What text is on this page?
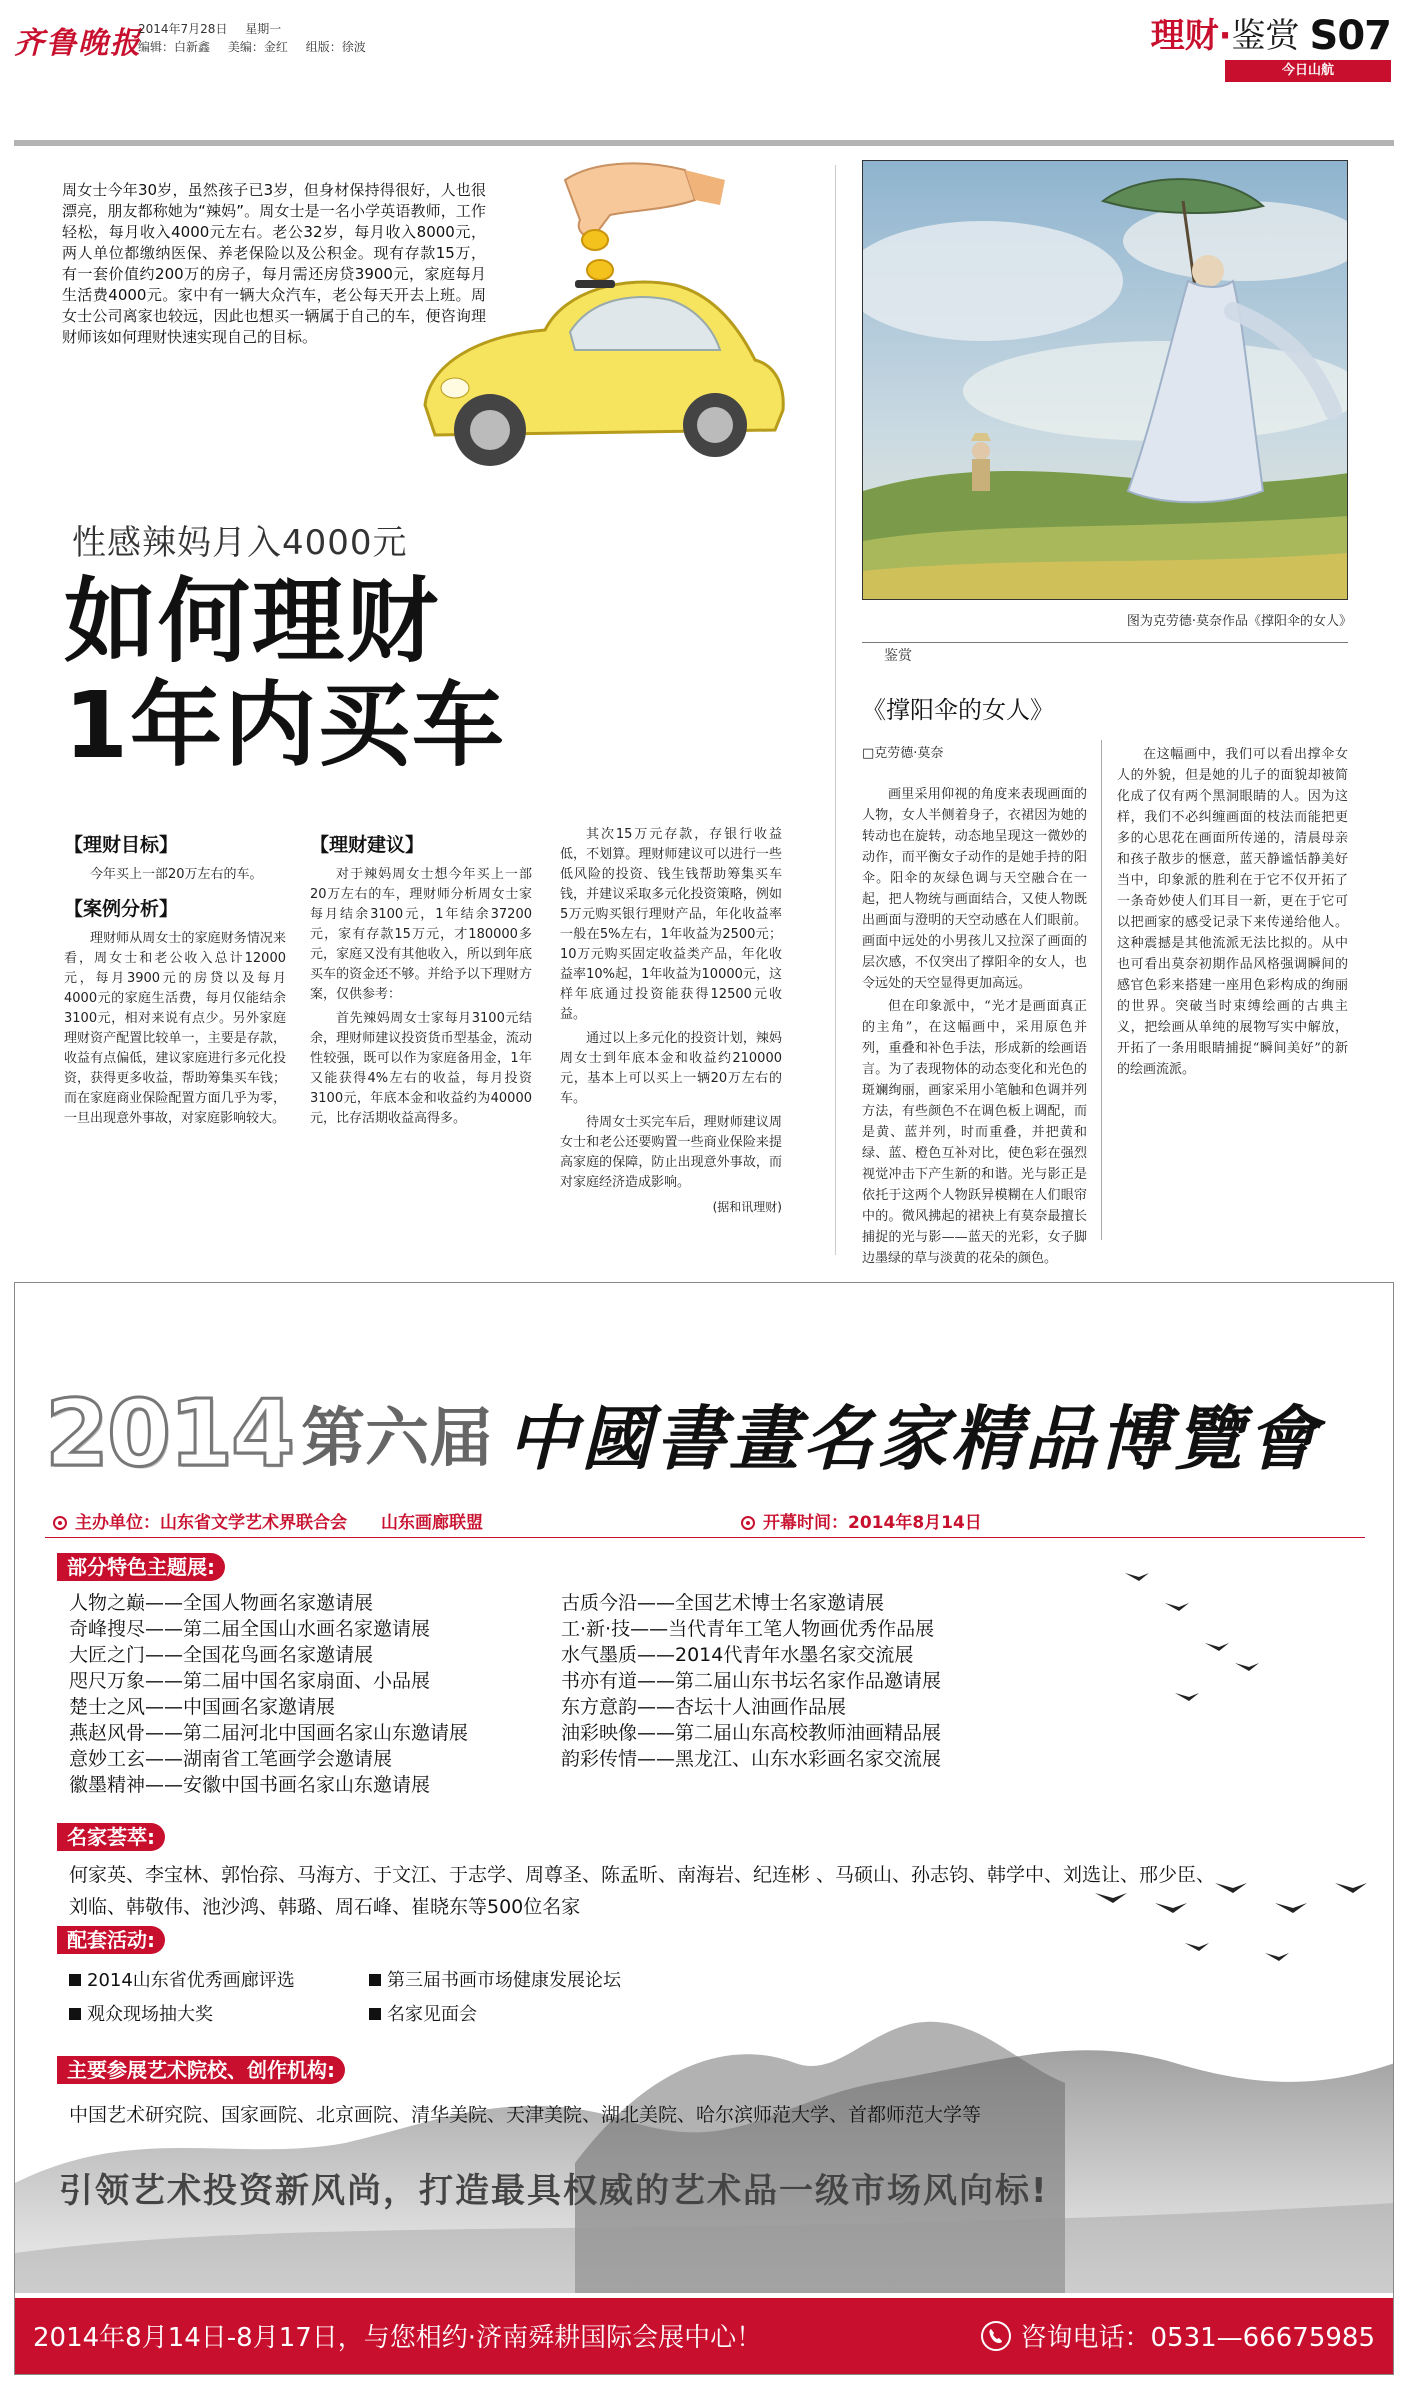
齐鲁晚报
2014年7月28日 星期一
编辑：白新鑫 美编：金红 组版：徐波	理财·鉴赏 S07
今日山航
周女士今年30岁，虽然孩子已3岁，但身材保持得很好，人也很漂亮，朋友都称她为“辣妈”。周女士是一名小学英语教师，工作轻松，每月收入4000元左右。老公32岁，每月收入8000元，两人单位都缴纳医保、养老保险以及公积金。现有存款15万，有一套价值约200万的房子，每月需还房贷3900元，家庭每月生活费4000元。家中有一辆大众汽车，老公每天开去上班。周女士公司离家也较远，因此也想买一辆属于自己的车，便咨询理财师该如何理财快速实现自己的目标。
性感辣妈月入4000元
如何理财
1年内买车
【理财目标】

今年买上一部20万左右的车。

【案例分析】

理财师从周女士的家庭财务情况来看，周女士和老公收入总计12000元，每月3900元的房贷以及每月4000元的家庭生活费，每月仅能结余3100元，相对来说有点少。另外家庭理财资产配置比较单一，主要是存款，收益有点偏低，建议家庭进行多元化投资，获得更多收益，帮助筹集买车钱；而在家庭商业保险配置方面几乎为零，一旦出现意外事故，对家庭影响较大。

【理财建议】

对于辣妈周女士想今年买上一部20万左右的车，理财师分析周女士家每月结余3100元，1年结余37200元，家有存款15万元，才180000多元，家庭又没有其他收入，所以到年底买车的资金还不够。并给予以下理财方案，仅供参考：

首先辣妈周女士家每月3100元结余，理财师建议投资货币型基金，流动性较强，既可以作为家庭备用金，1年又能获得4%左右的收益，每月投资3100元，年底本金和收益约为40000元，比存活期收益高得多。

其次15万元存款，存银行收益低，不划算。理财师建议可以进行一些低风险的投资、钱生钱帮助筹集买车钱，并建议采取多元化投资策略，例如5万元购买银行理财产品，年化收益率一般在5%左右，1年收益为2500元；10万元购买固定收益类产品，年化收益率10%起，1年收益为10000元，这样年底通过投资能获得12500元收益。

通过以上多元化的投资计划，辣妈周女士到年底本金和收益约210000元，基本上可以买上一辆20万左右的车。

待周女士买完车后，理财师建议周女士和老公还要购置一些商业保险来提高家庭的保障，防止出现意外事故，而对家庭经济造成影响。

(据和讯理财)
图为克劳德·莫奈作品《撑阳伞的女人》
鉴赏
《撑阳伞的女人》
□克劳德·莫奈

画里采用仰视的角度来表现画面的人物，女人半侧着身子，衣裙因为她的转动也在旋转，动态地呈现这一微妙的动作，而平衡女子动作的是她手持的阳伞。阳伞的灰绿色调与天空融合在一起，把人物统与画面结合，又使人物既出画面与澄明的天空动感在人们眼前。画面中远处的小男孩儿又拉深了画面的层次感，不仅突出了撑阳伞的女人，也令远处的天空显得更加高远。

但在印象派中，“光才是画面真正的主角”，在这幅画中，采用原色并列，重叠和补色手法，形成新的绘画语言。为了表现物体的动态变化和光色的斑斓绚丽，画家采用小笔触和色调并列方法，有些颜色不在调色板上调配，而是黄、蓝并列，时而重叠，并把黄和绿、蓝、橙色互补对比，使色彩在强烈视觉冲击下产生新的和谐。光与影正是依托于这两个人物跃异模糊在人们眼帘中的。微风拂起的裙袂上有莫奈最擅长捕捉的光与影——蓝天的光彩，女子脚边墨绿的草与淡黄的花朵的颜色。

在这幅画中，我们可以看出撑伞女人的外貌，但是她的儿子的面貌却被简化成了仅有两个黑洞眼睛的人。因为这样，我们不必纠缠画面的枝法而能把更多的心思花在画面所传递的，清晨母亲和孩子散步的惬意，蓝天静谧恬静美好当中，印象派的胜利在于它不仅开拓了一条奇妙使人们耳目一新，更在于它可以把画家的感受记录下来传递给他人。这种震撼是其他流派无法比拟的。从中也可看出莫奈初期作品风格强调瞬间的感官色彩来搭建一座用色彩构成的绚丽的世界。突破当时束缚绘画的古典主义，把绘画从单纯的展物写实中解放，开拓了一条用眼睛捕捉“瞬间美好”的新的绘画流派。

2014 第六届 中國書畫名家精品博覽會
主办单位：山东省文学艺术界联合会　　山东画廊联盟	开幕时间：2014年8月14日
部分特色主题展:
人物之巅——全国人物画名家邀请展
奇峰搜尽——第二届全国山水画名家邀请展
大匠之门——全国花鸟画名家邀请展
咫尺万象——第二届中国名家扇面、小品展
楚士之风——中国画名家邀请展
燕赵风骨——第二届河北中国画名家山东邀请展
意妙工玄——湖南省工笔画学会邀请展
徽墨精神——安徽中国书画名家山东邀请展
古质今沿——全国艺术博士名家邀请展
工·新·技——当代青年工笔人物画优秀作品展
水气墨质——2014代青年水墨名家交流展
书亦有道——第二届山东书坛名家作品邀请展
东方意韵——杏坛十人油画作品展
油彩映像——第二届山东高校教师油画精品展
韵彩传情——黑龙江、山东水彩画名家交流展
名家荟萃:
何家英、李宝林、郭怡孮、马海方、于文江、于志学、周尊圣、陈孟昕、南海岩、纪连彬 、马硕山、孙志钧、韩学中、刘选让、邢少臣、刘临、韩敬伟、池沙鸿、韩璐、周石峰、崔晓东等500位名家
配套活动:
2014山东省优秀画廊评选	第三届书画市场健康发展论坛
观众现场抽大奖	名家见面会
主要参展艺术院校、创作机构:
中国艺术研究院、国家画院、北京画院、清华美院、天津美院、湖北美院、哈尔滨师范大学、首都师范大学等
引领艺术投资新风尚，打造最具权威的艺术品一级市场风向标!
2014年8月14日-8月17日，与您相约·济南舜耕国际会展中心！	咨询电话：0531—66675985
